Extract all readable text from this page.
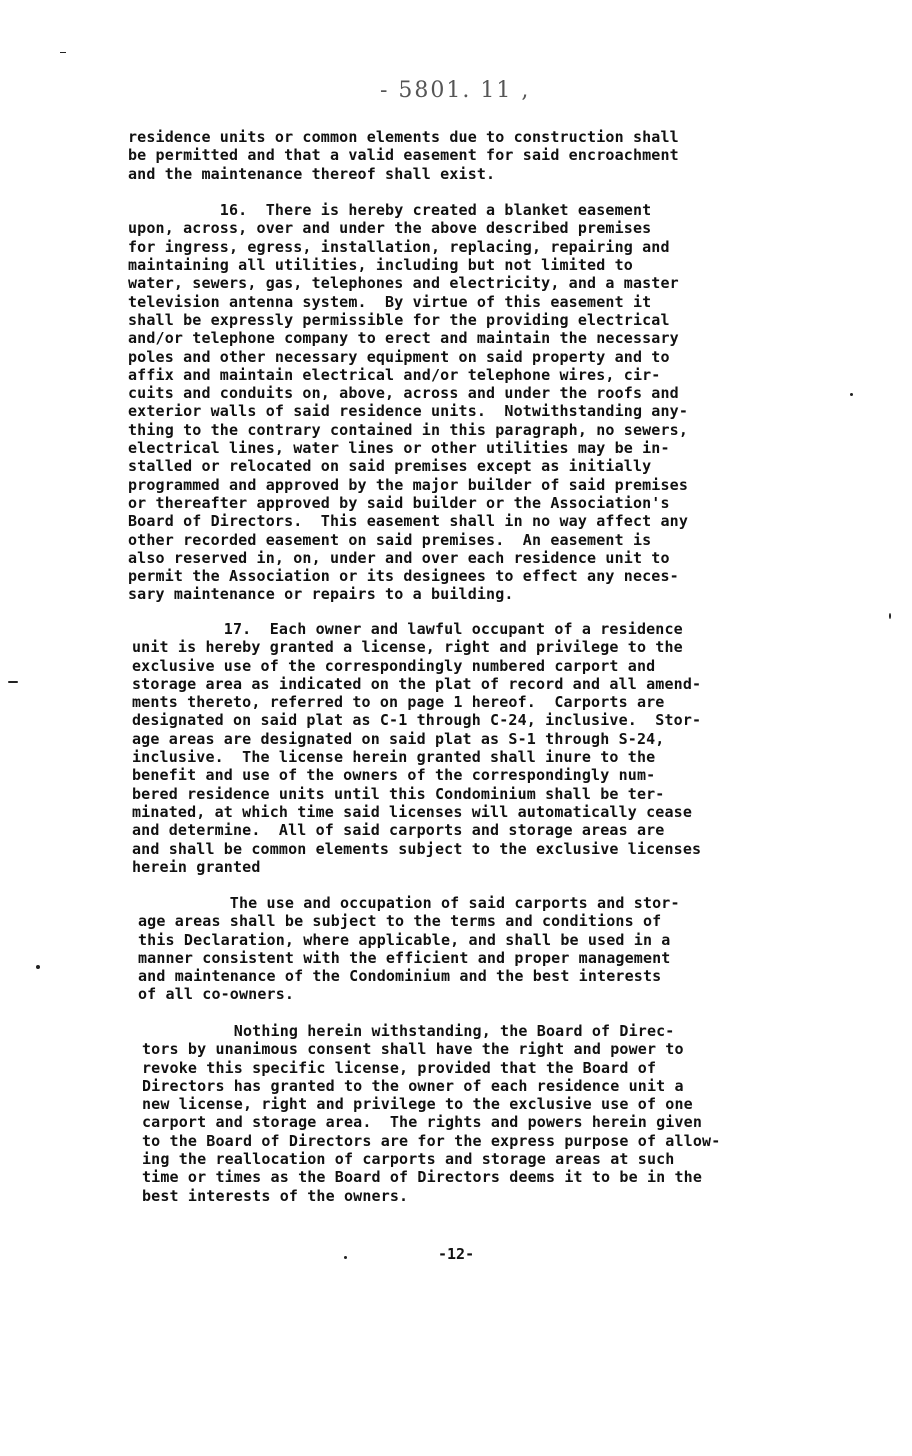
- 5801. 11 ,
residence units or common elements due to construction shall
be permitted and that a valid easement for said encroachment
and the maintenance thereof shall exist.

16.  There is hereby created a blanket easement
upon, across, over and under the above described premises
for ingress, egress, installation, replacing, repairing and
maintaining all utilities, including but not limited to
water, sewers, gas, telephones and electricity, and a master
television antenna system.  By virtue of this easement it
shall be expressly permissible for the providing electrical
and/or telephone company to erect and maintain the necessary
poles and other necessary equipment on said property and to
affix and maintain electrical and/or telephone wires, cir-
cuits and conduits on, above, across and under the roofs and
exterior walls of said residence units.  Notwithstanding any-
thing to the contrary contained in this paragraph, no sewers,
electrical lines, water lines or other utilities may be in-
stalled or relocated on said premises except as initially
programmed and approved by the major builder of said premises
or thereafter approved by said builder or the Association's
Board of Directors.  This easement shall in no way affect any
other recorded easement on said premises.  An easement is
also reserved in, on, under and over each residence unit to
permit the Association or its designees to effect any neces-
sary maintenance or repairs to a building.
17.  Each owner and lawful occupant of a residence
unit is hereby granted a license, right and privilege to the
exclusive use of the correspondingly numbered carport and
storage area as indicated on the plat of record and all amend-
ments thereto, referred to on page 1 hereof.  Carports are
designated on said plat as C-1 through C-24, inclusive.  Stor-
age areas are designated on said plat as S-1 through S-24,
inclusive.  The license herein granted shall inure to the
benefit and use of the owners of the correspondingly num-
bered residence units until this Condominium shall be ter-
minated, at which time said licenses will automatically cease
and determine.  All of said carports and storage areas are
and shall be common elements subject to the exclusive licenses
herein granted
The use and occupation of said carports and stor-
age areas shall be subject to the terms and conditions of
this Declaration, where applicable, and shall be used in a
manner consistent with the efficient and proper management
and maintenance of the Condominium and the best interests
of all co-owners.
Nothing herein withstanding, the Board of Direc-
tors by unanimous consent shall have the right and power to
revoke this specific license, provided that the Board of
Directors has granted to the owner of each residence unit a
new license, right and privilege to the exclusive use of one
carport and storage area.  The rights and powers herein given
to the Board of Directors are for the express purpose of allow-
ing the reallocation of carports and storage areas at such
time or times as the Board of Directors deems it to be in the
best interests of the owners.
-12-
